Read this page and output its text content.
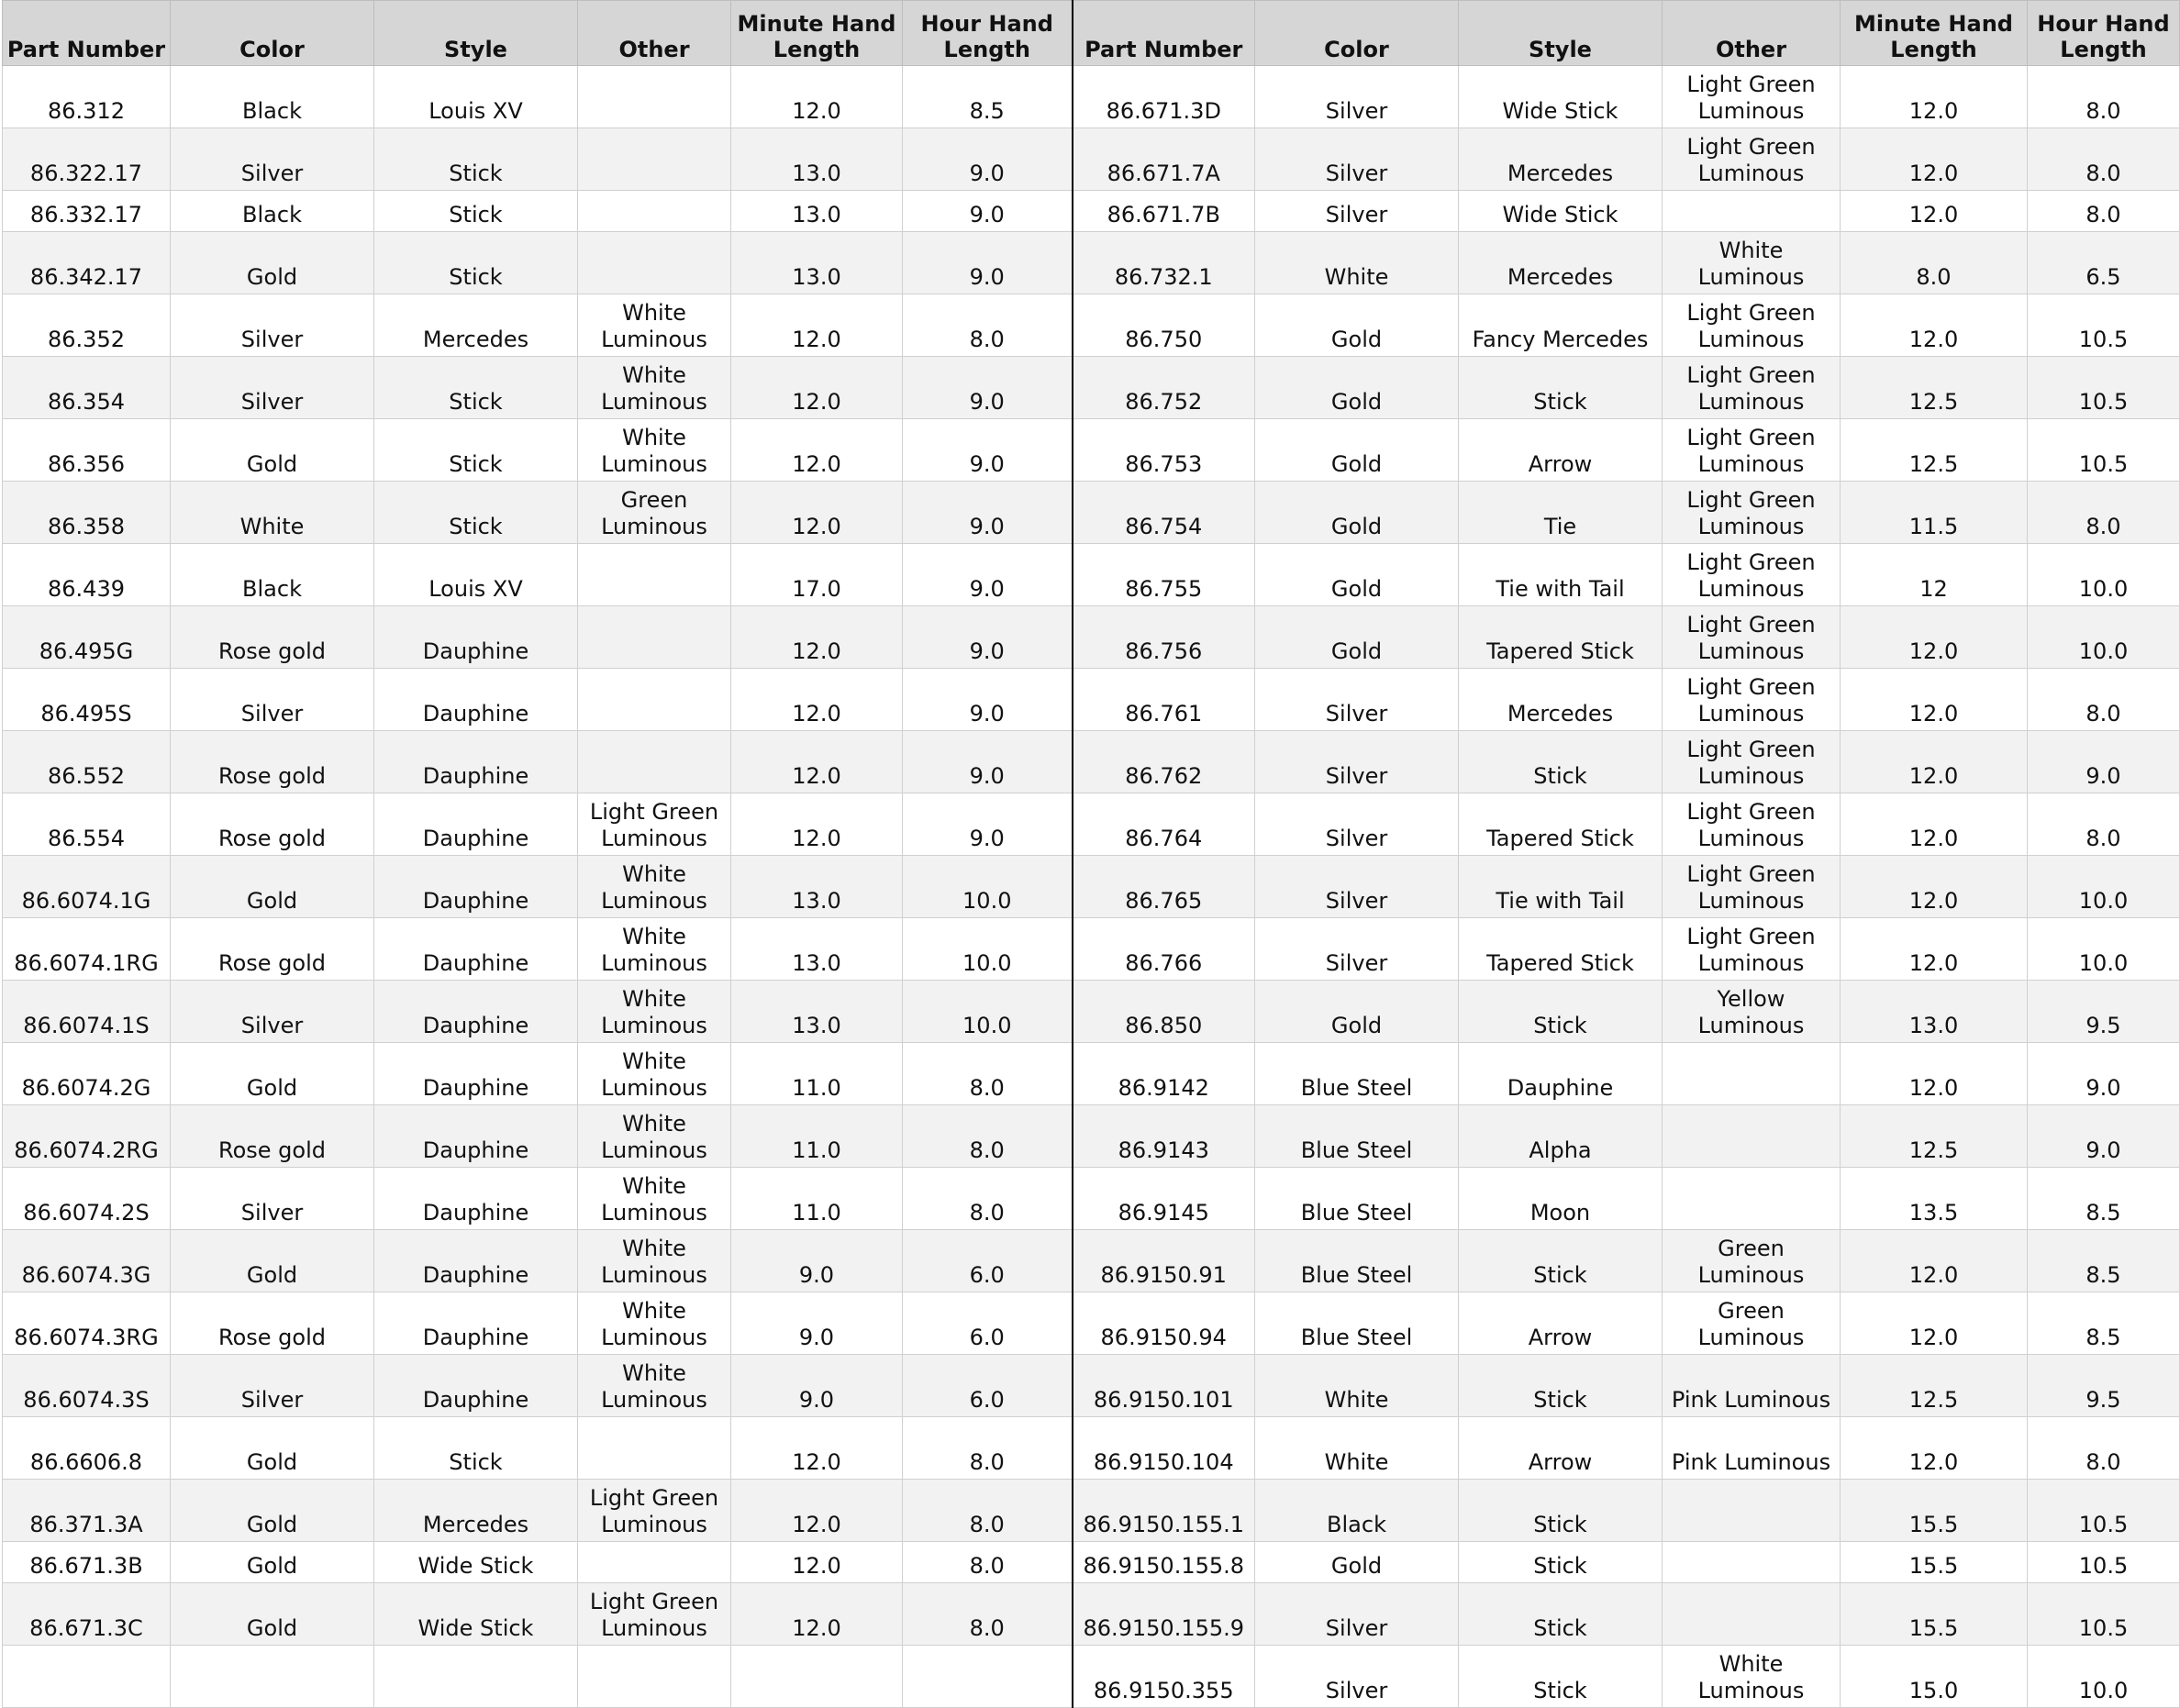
Part Number	Color	Style	Other	Minute Hand Length	Hour Hand Length	Part Number	Color	Style	Other	Minute Hand Length	Hour Hand Length
86.312	Black	Louis XV		12.0	8.5	86.671.3D	Silver	Wide Stick	Light Green Luminous	12.0	8.0
86.322.17	Silver	Stick		13.0	9.0	86.671.7A	Silver	Mercedes	Light Green Luminous	12.0	8.0
86.332.17	Black	Stick		13.0	9.0	86.671.7B	Silver	Wide Stick		12.0	8.0
86.342.17	Gold	Stick		13.0	9.0	86.732.1	White	Mercedes	White Luminous	8.0	6.5
86.352	Silver	Mercedes	White Luminous	12.0	8.0	86.750	Gold	Fancy Mercedes	Light Green Luminous	12.0	10.5
86.354	Silver	Stick	White Luminous	12.0	9.0	86.752	Gold	Stick	Light Green Luminous	12.5	10.5
86.356	Gold	Stick	White Luminous	12.0	9.0	86.753	Gold	Arrow	Light Green Luminous	12.5	10.5
86.358	White	Stick	Green Luminous	12.0	9.0	86.754	Gold	Tie	Light Green Luminous	11.5	8.0
86.439	Black	Louis XV		17.0	9.0	86.755	Gold	Tie with Tail	Light Green Luminous	12	10.0
86.495G	Rose gold	Dauphine		12.0	9.0	86.756	Gold	Tapered Stick	Light Green Luminous	12.0	10.0
86.495S	Silver	Dauphine		12.0	9.0	86.761	Silver	Mercedes	Light Green Luminous	12.0	8.0
86.552	Rose gold	Dauphine		12.0	9.0	86.762	Silver	Stick	Light Green Luminous	12.0	9.0
86.554	Rose gold	Dauphine	Light Green Luminous	12.0	9.0	86.764	Silver	Tapered Stick	Light Green Luminous	12.0	8.0
86.6074.1G	Gold	Dauphine	White Luminous	13.0	10.0	86.765	Silver	Tie with Tail	Light Green Luminous	12.0	10.0
86.6074.1RG	Rose gold	Dauphine	White Luminous	13.0	10.0	86.766	Silver	Tapered Stick	Light Green Luminous	12.0	10.0
86.6074.1S	Silver	Dauphine	White Luminous	13.0	10.0	86.850	Gold	Stick	Yellow Luminous	13.0	9.5
86.6074.2G	Gold	Dauphine	White Luminous	11.0	8.0	86.9142	Blue Steel	Dauphine		12.0	9.0
86.6074.2RG	Rose gold	Dauphine	White Luminous	11.0	8.0	86.9143	Blue Steel	Alpha		12.5	9.0
86.6074.2S	Silver	Dauphine	White Luminous	11.0	8.0	86.9145	Blue Steel	Moon		13.5	8.5
86.6074.3G	Gold	Dauphine	White Luminous	9.0	6.0	86.9150.91	Blue Steel	Stick	Green Luminous	12.0	8.5
86.6074.3RG	Rose gold	Dauphine	White Luminous	9.0	6.0	86.9150.94	Blue Steel	Arrow	Green Luminous	12.0	8.5
86.6074.3S	Silver	Dauphine	White Luminous	9.0	6.0	86.9150.101	White	Stick	Pink Luminous	12.5	9.5
86.6606.8	Gold	Stick		12.0	8.0	86.9150.104	White	Arrow	Pink Luminous	12.0	8.0
86.371.3A	Gold	Mercedes	Light Green Luminous	12.0	8.0	86.9150.155.1	Black	Stick		15.5	10.5
86.671.3B	Gold	Wide Stick		12.0	8.0	86.9150.155.8	Gold	Stick		15.5	10.5
86.671.3C	Gold	Wide Stick	Light Green Luminous	12.0	8.0	86.9150.155.9	Silver	Stick		15.5	10.5
						86.9150.355	Silver	Stick	White Luminous	15.0	10.0
